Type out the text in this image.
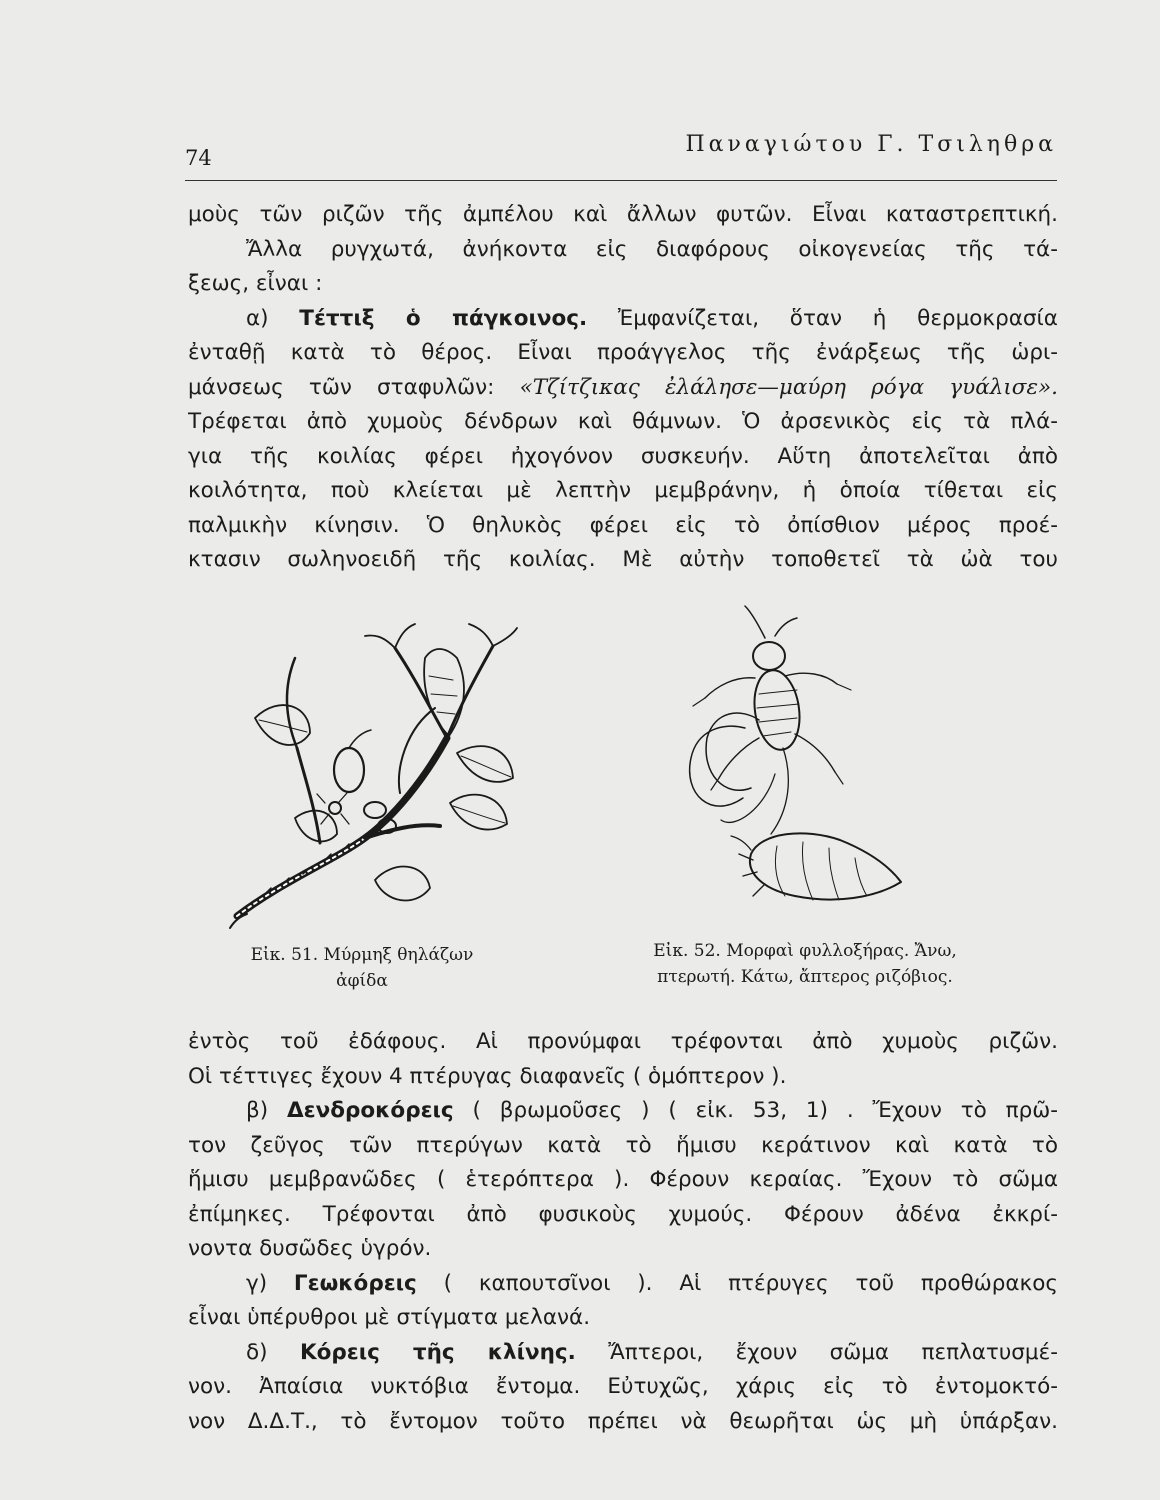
74
Παναγιώτου Γ. Τσιληθρα
μοὺς τῶν ριζῶν τῆς ἀμπέλου καὶ ἄλλων φυτῶν. Εἶναι καταστρεπτική.
Ἄλλα ρυγχωτά, ἀνήκοντα εἰς διαφόρους οἰκογενείας τῆς τά-
ξεως, εἶναι :
α) Τέττιξ ὁ πάγκοινος. Ἐμφανίζεται, ὅταν ἡ θερμοκρασία
ἐνταθῇ κατὰ τὸ θέρος. Εἶναι προάγγελος τῆς ἐνάρξεως τῆς ὡρι-
μάνσεως τῶν σταφυλῶν: «Τζίτζικας ἐλάλησε—μαύρη ρόγα γυάλισε».
Τρέφεται ἀπὸ χυμοὺς δένδρων καὶ θάμνων. Ὁ ἀρσενικὸς εἰς τὰ πλά-
για τῆς κοιλίας φέρει ἠχογόνον συσκευήν. Αὕτη ἀποτελεῖται ἀπὸ
κοιλότητα, ποὺ κλείεται μὲ λεπτὴν μεμβράνην, ἡ ὁποία τίθεται εἰς
παλμικὴν κίνησιν. Ὁ θηλυκὸς φέρει εἰς τὸ ὀπίσθιον μέρος προέ-
κτασιν σωληνοειδῆ τῆς κοιλίας. Μὲ αὐτὴν τοποθετεῖ τὰ ὠὰ του
Εἰκ. 51. Μύρμηξ θηλάζων
ἀφίδα
Εἰκ. 52. Μορφαὶ φυλλοξήρας. Ἄνω,
πτερωτή. Κάτω, ἄπτερος ριζόβιος.
ἐντὸς τοῦ ἐδάφους. Αἱ προνύμφαι τρέφονται ἀπὸ χυμοὺς ριζῶν.
Οἱ τέττιγες ἔχουν 4 πτέρυγας διαφανεῖς ( ὁμόπτερον ).
β) Δενδροκόρεις ( βρωμοῦσες ) ( εἰκ. 53, 1) . Ἔχουν τὸ πρῶ-
τον ζεῦγος τῶν πτερύγων κατὰ τὸ ἥμισυ κεράτινον καὶ κατὰ τὸ
ἥμισυ μεμβρανῶδες ( ἑτερόπτερα ). Φέρουν κεραίας. Ἔχουν τὸ σῶμα
ἐπίμηκες. Τρέφονται ἀπὸ φυσικοὺς χυμούς. Φέρουν ἀδένα ἐκκρί-
νοντα δυσῶδες ὑγρόν.
γ) Γεωκόρεις ( καπουτσῖνοι ). Αἱ πτέρυγες τοῦ προθώρακος
εἶναι ὑπέρυθροι μὲ στίγματα μελανά.
δ) Κόρεις τῆς κλίνης. Ἄπτεροι, ἔχουν σῶμα πεπλατυσμέ-
νον. Ἀπαίσια νυκτόβια ἔντομα. Εὐτυχῶς, χάρις εἰς τὸ ἐντομοκτό-
νον Δ.Δ.Τ., τὸ ἔντομον τοῦτο πρέπει νὰ θεωρῆται ὡς μὴ ὑπάρξαν.
